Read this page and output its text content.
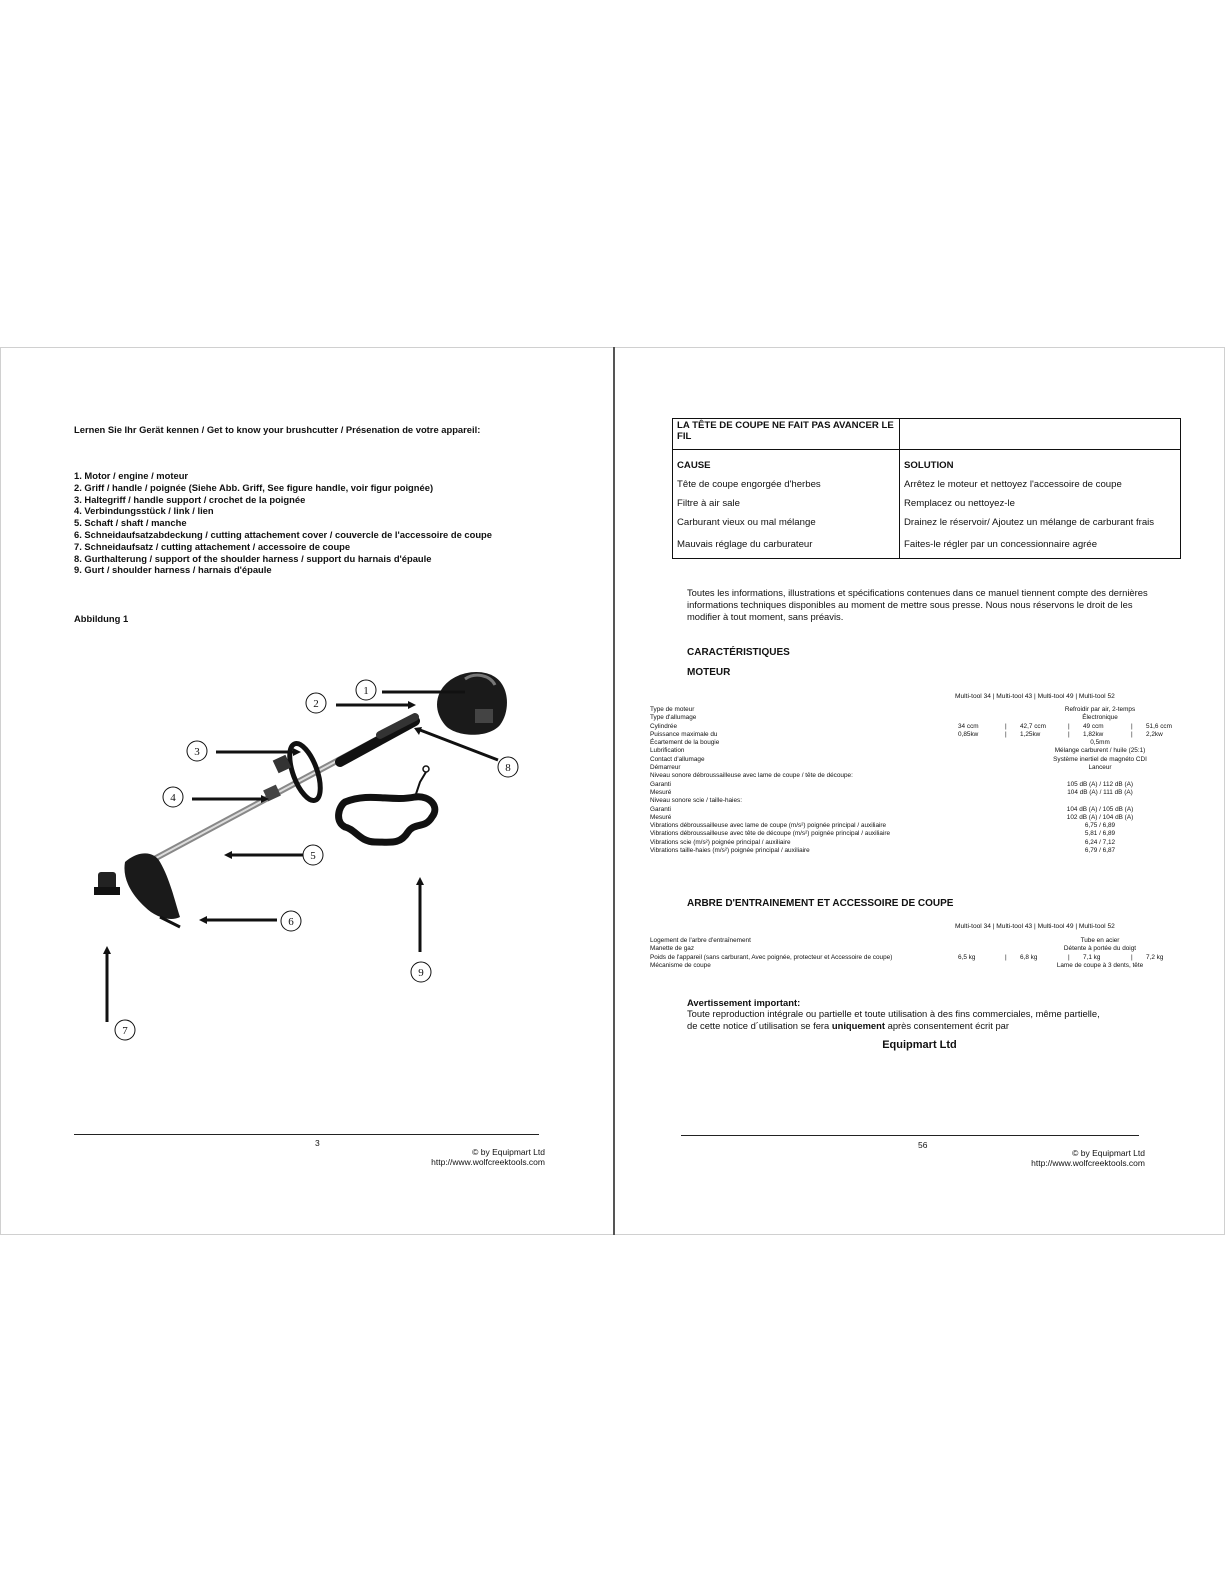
Lernen Sie Ihr Gerät kennen / Get to know your brushcutter / Présenation de votre appareil:
1. Motor / engine / moteur
2. Griff / handle / poignée (Siehe Abb. Griff, See figure handle, voir figur poignée)
3. Haltegriff / handle support / crochet de la poignée
4. Verbindungsstück / link / lien
5. Schaft / shaft / manche
6. Schneidaufsatzabdeckung / cutting attachement cover / couvercle de l'accessoire de coupe
7. Schneidaufsatz / cutting attachement / accessoire de coupe
8. Gurthalterung / support of the shoulder harness / support du harnais d'épaule
9. Gurt / shoulder harness / harnais d'épaule
Abbildung 1
1
2
3
4
5
6
7
8
9
3
© by Equipmart Ltd
http://www.wolfcreektools.com
LA TÊTE DE COUPE NE FAIT PAS AVANCER LE FIL	
CAUSE	SOLUTION
Tête de coupe engorgée d'herbes	Arrêtez le moteur et nettoyez l'accessoire de coupe
Filtre à air sale	Remplacez ou nettoyez-le
Carburant vieux ou mal mélange	Drainez le réservoir/ Ajoutez un mélange de carburant frais
Mauvais réglage du carburateur	Faites-le régler par un concessionnaire agrée
Toutes les informations, illustrations et spécifications contenues dans ce manuel tiennent compte des dernières informations techniques disponibles au moment de mettre sous presse. Nous nous réservons le droit de les modifier à tout moment, sans préavis.
CARACTÉRISTIQUES
MOTEUR
Multi-tool 34 | Multi-tool 43 | Multi-tool 49 | Multi-tool 52
Type de moteur	Refroidir par air, 2-temps
Type d'allumage	Électronique
Cylindrée	34 ccm	| 42,7 ccm	| 49 ccm	| 51,6 ccm
Puissance maximale du	0,85kw	| 1,25kw	| 1,82kw	| 2,2kw
Écartement de la bougie	0,5mm
Lubrification	Mélange carburent / huile (25:1)
Contact d'allumage	Système inertiel de magnéto CDI
Démarreur	Lanceur
Niveau sonore débroussailleuse avec lame de coupe / tête de découpe:
Garanti	105 dB (A) / 112 dB (A)
Mesuré	104 dB (A) / 111 dB (A)
Niveau sonore scie / taille-haies:
Garanti	104 dB (A) / 105 dB (A)
Mesuré	102 dB (A) / 104 dB (A)
Vibrations débroussailleuse avec lame de coupe (m/s²) poignée principal / auxiliaire	6,75 / 6,89
Vibrations débroussailleuse avec tête de découpe (m/s²) poignée principal / auxiliaire	5,81 / 6,89
Vibrations scie (m/s²) poignée principal / auxiliaire	6,24 / 7,12
Vibrations taille-haies (m/s²) poignée principal / auxiliaire	6,79 / 6,87
ARBRE D'ENTRAINEMENT ET ACCESSOIRE DE COUPE
Multi-tool 34 | Multi-tool 43 | Multi-tool 49 | Multi-tool 52
Logement de l'arbre d'entraînement	Tube en acier
Manette de gaz	Détente à portée du doigt
Poids de l'appareil (sans carburant, Avec poignée, protecteur et Accessoire de coupe)	6,5 kg	| 6,8 kg	| 7,1 kg	| 7,2 kg
Mécanisme de coupe	Lame de coupe à 3 dents, tête
Avertissement important:
Toute reproduction intégrale ou partielle et toute utilisation à des fins commerciales, même partielle,
de cette notice d´utilisation se fera uniquement après consentement écrit par
Equipmart Ltd
56
© by Equipmart Ltd
http://www.wolfcreektools.com
